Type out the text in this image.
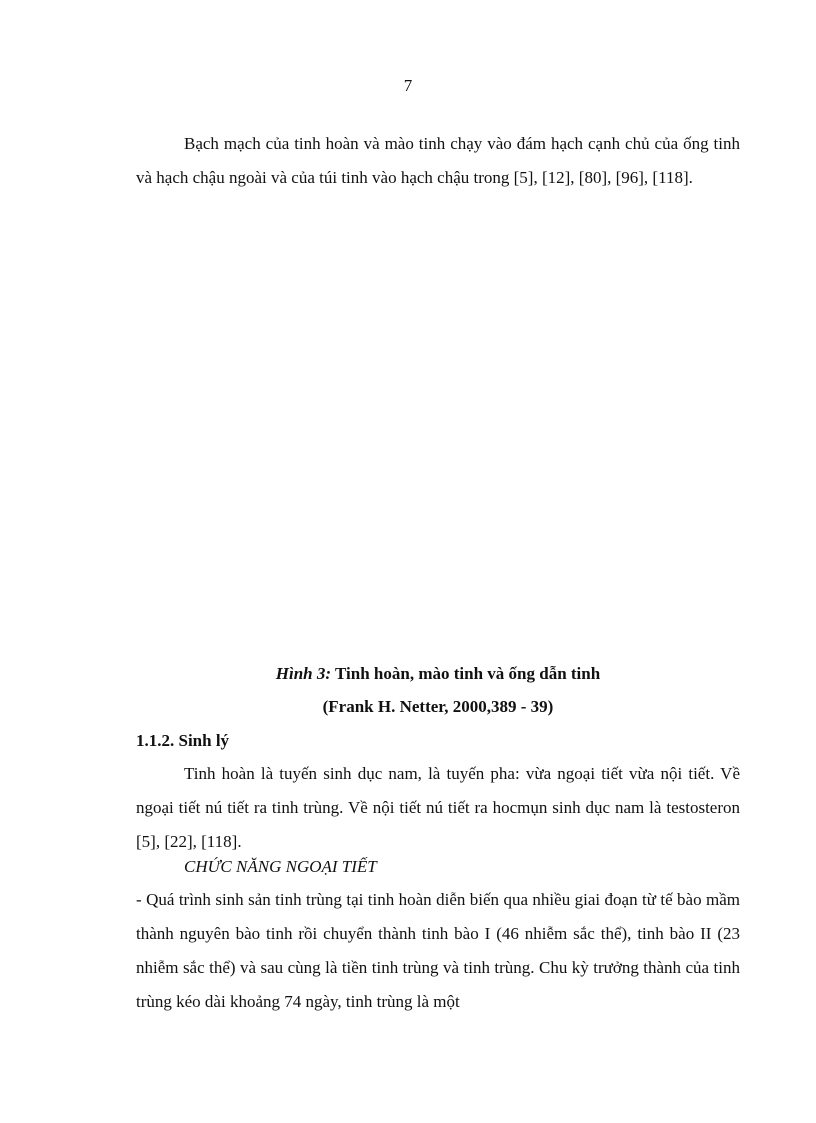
7

Bạch mạch của tinh hoàn và mào tinh chạy vào đám hạch cạnh chủ của ống tinh và hạch chậu ngoài và của túi tinh vào hạch chậu trong [5], [12], [80], [96], [118].

Hình 3: Tinh hoàn, mào tinh và ống dẫn tinh
(Frank H. Netter, 2000,389 - 39)
1.1.2. Sinh lý

Tinh hoàn là tuyến sinh dục nam, là tuyến pha: vừa ngoại tiết vừa nội tiết. Về ngoại tiết nú tiết ra tinh trùng. Về nội tiết nú tiết ra hocmụn sinh dục nam là testosteron [5], [22], [118].

CHỨC NĂNG NGOẠI TIẾT

- Quá trình sinh sản tinh trùng tại tinh hoàn diễn biến qua nhiều giai đoạn từ tế bào mầm thành nguyên bào tinh rồi chuyển thành tinh bào I (46 nhiễm sắc thể), tinh bào II (23 nhiễm sắc thể) và sau cùng là tiền tinh trùng và tinh trùng. Chu kỳ trưởng thành của tinh trùng kéo dài khoảng 74 ngày, tinh trùng là một
